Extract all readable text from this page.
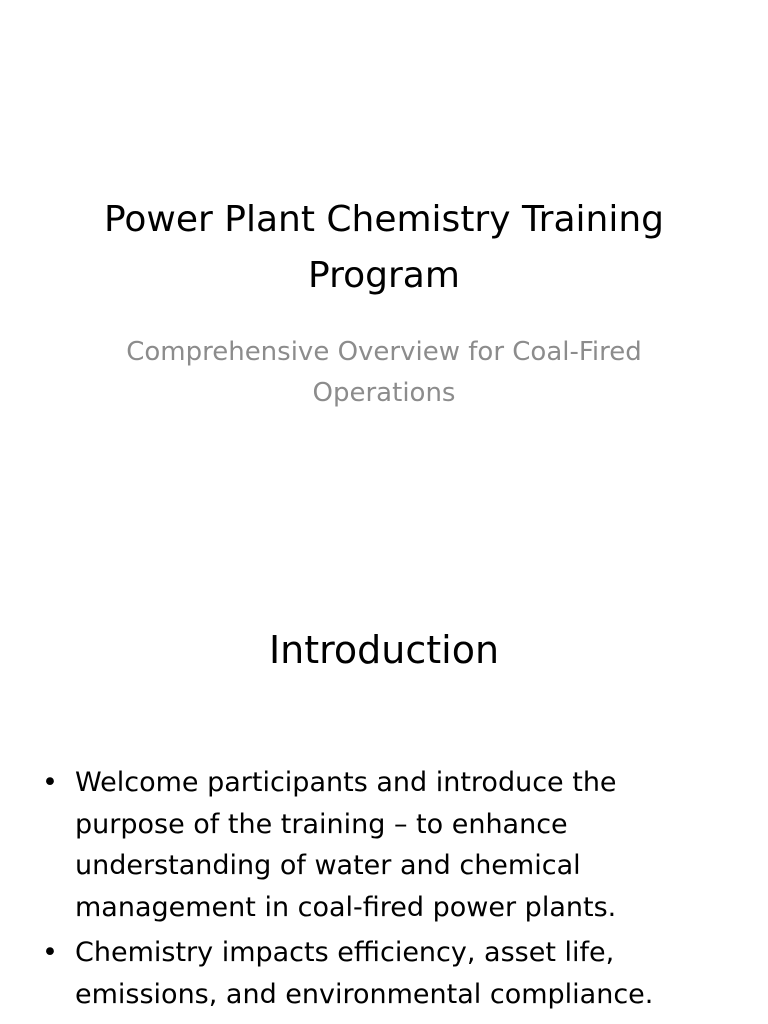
Power Plant Chemistry Training Program

Comprehensive Overview for Coal-Fired Operations

Introduction
• Welcome participants and introduce the purpose of the training – to enhance understanding of water and chemical management in coal-fired power plants.
• Chemistry impacts efficiency, asset life, emissions, and environmental compliance.
